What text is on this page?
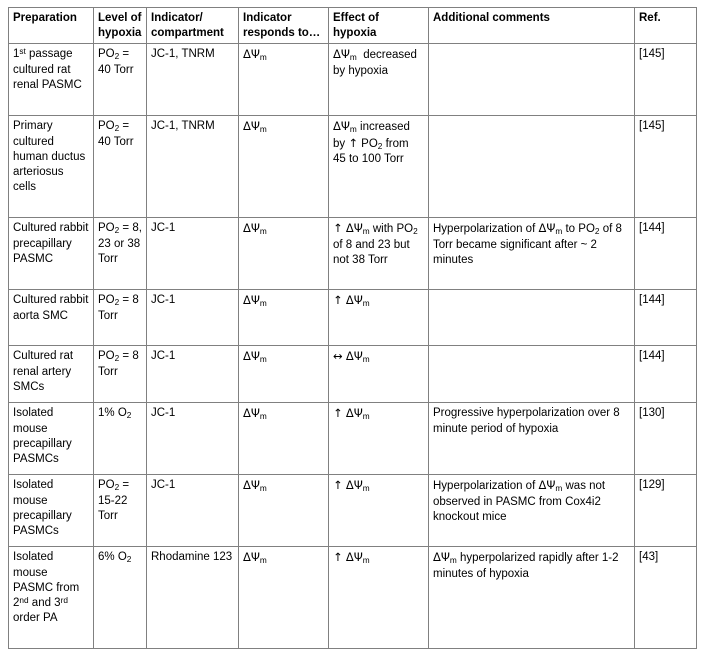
Preparation	Level of hypoxia	Indicator/ compartment	Indicator responds to…	Effect of hypoxia	Additional comments	Ref.
1st passage cultured rat renal PASMC	$PO_2 = 40$ Torr	JC-1, TNRM	$\Delta\Psi_m$	$\Delta\Psi_m$  decreased by hypoxia		[145]
Primary cultured human ductus arteriosus cells	$PO_2 = 40$ Torr	JC-1, TNRM	$\Delta\Psi_m$	$\Delta\Psi_m$ increased by ↑ $PO_2$ from 45 to 100 Torr		[145]
Cultured rabbit precapillary PASMC	$PO_2 = 8$, 23 or 38 Torr	JC-1	$\Delta\Psi_m$	↑ $\Delta\Psi_m$ with $PO_2$ of 8 and 23 but not 38 Torr	Hyperpolarization of $\Delta\Psi_m$ to $PO_2$ of 8 Torr became significant after ~ 2 minutes	[144]
Cultured rabbit aorta SMC	$PO_2 = 8$ Torr	JC-1	$\Delta\Psi_m$	↑ $\Delta\Psi_m$		[144]
Cultured rat renal artery SMCs	$PO_2 = 8$ Torr	JC-1	$\Delta\Psi_m$	↔ $\Delta\Psi_m$		[144]
Isolated mouse precapillary PASMCs	1% $O_2$	JC-1	$\Delta\Psi_m$	↑ $\Delta\Psi_m$	Progressive hyperpolarization over 8 minute period of hypoxia	[130]
Isolated mouse precapillary PASMCs	$PO_2 = 15-22$ Torr	JC-1	$\Delta\Psi_m$	↑ $\Delta\Psi_m$	Hyperpolarization of $\Delta\Psi_m$ was not observed in PASMC from Cox4i2 knockout mice	[129]
Isolated mouse PASMC from 2nd and 3rd order PA	6% $O_2$	Rhodamine 123	$\Delta\Psi_m$	↑ $\Delta\Psi_m$	$\Delta\Psi_m$ hyperpolarized rapidly after 1-2 minutes of hypoxia	[43]
